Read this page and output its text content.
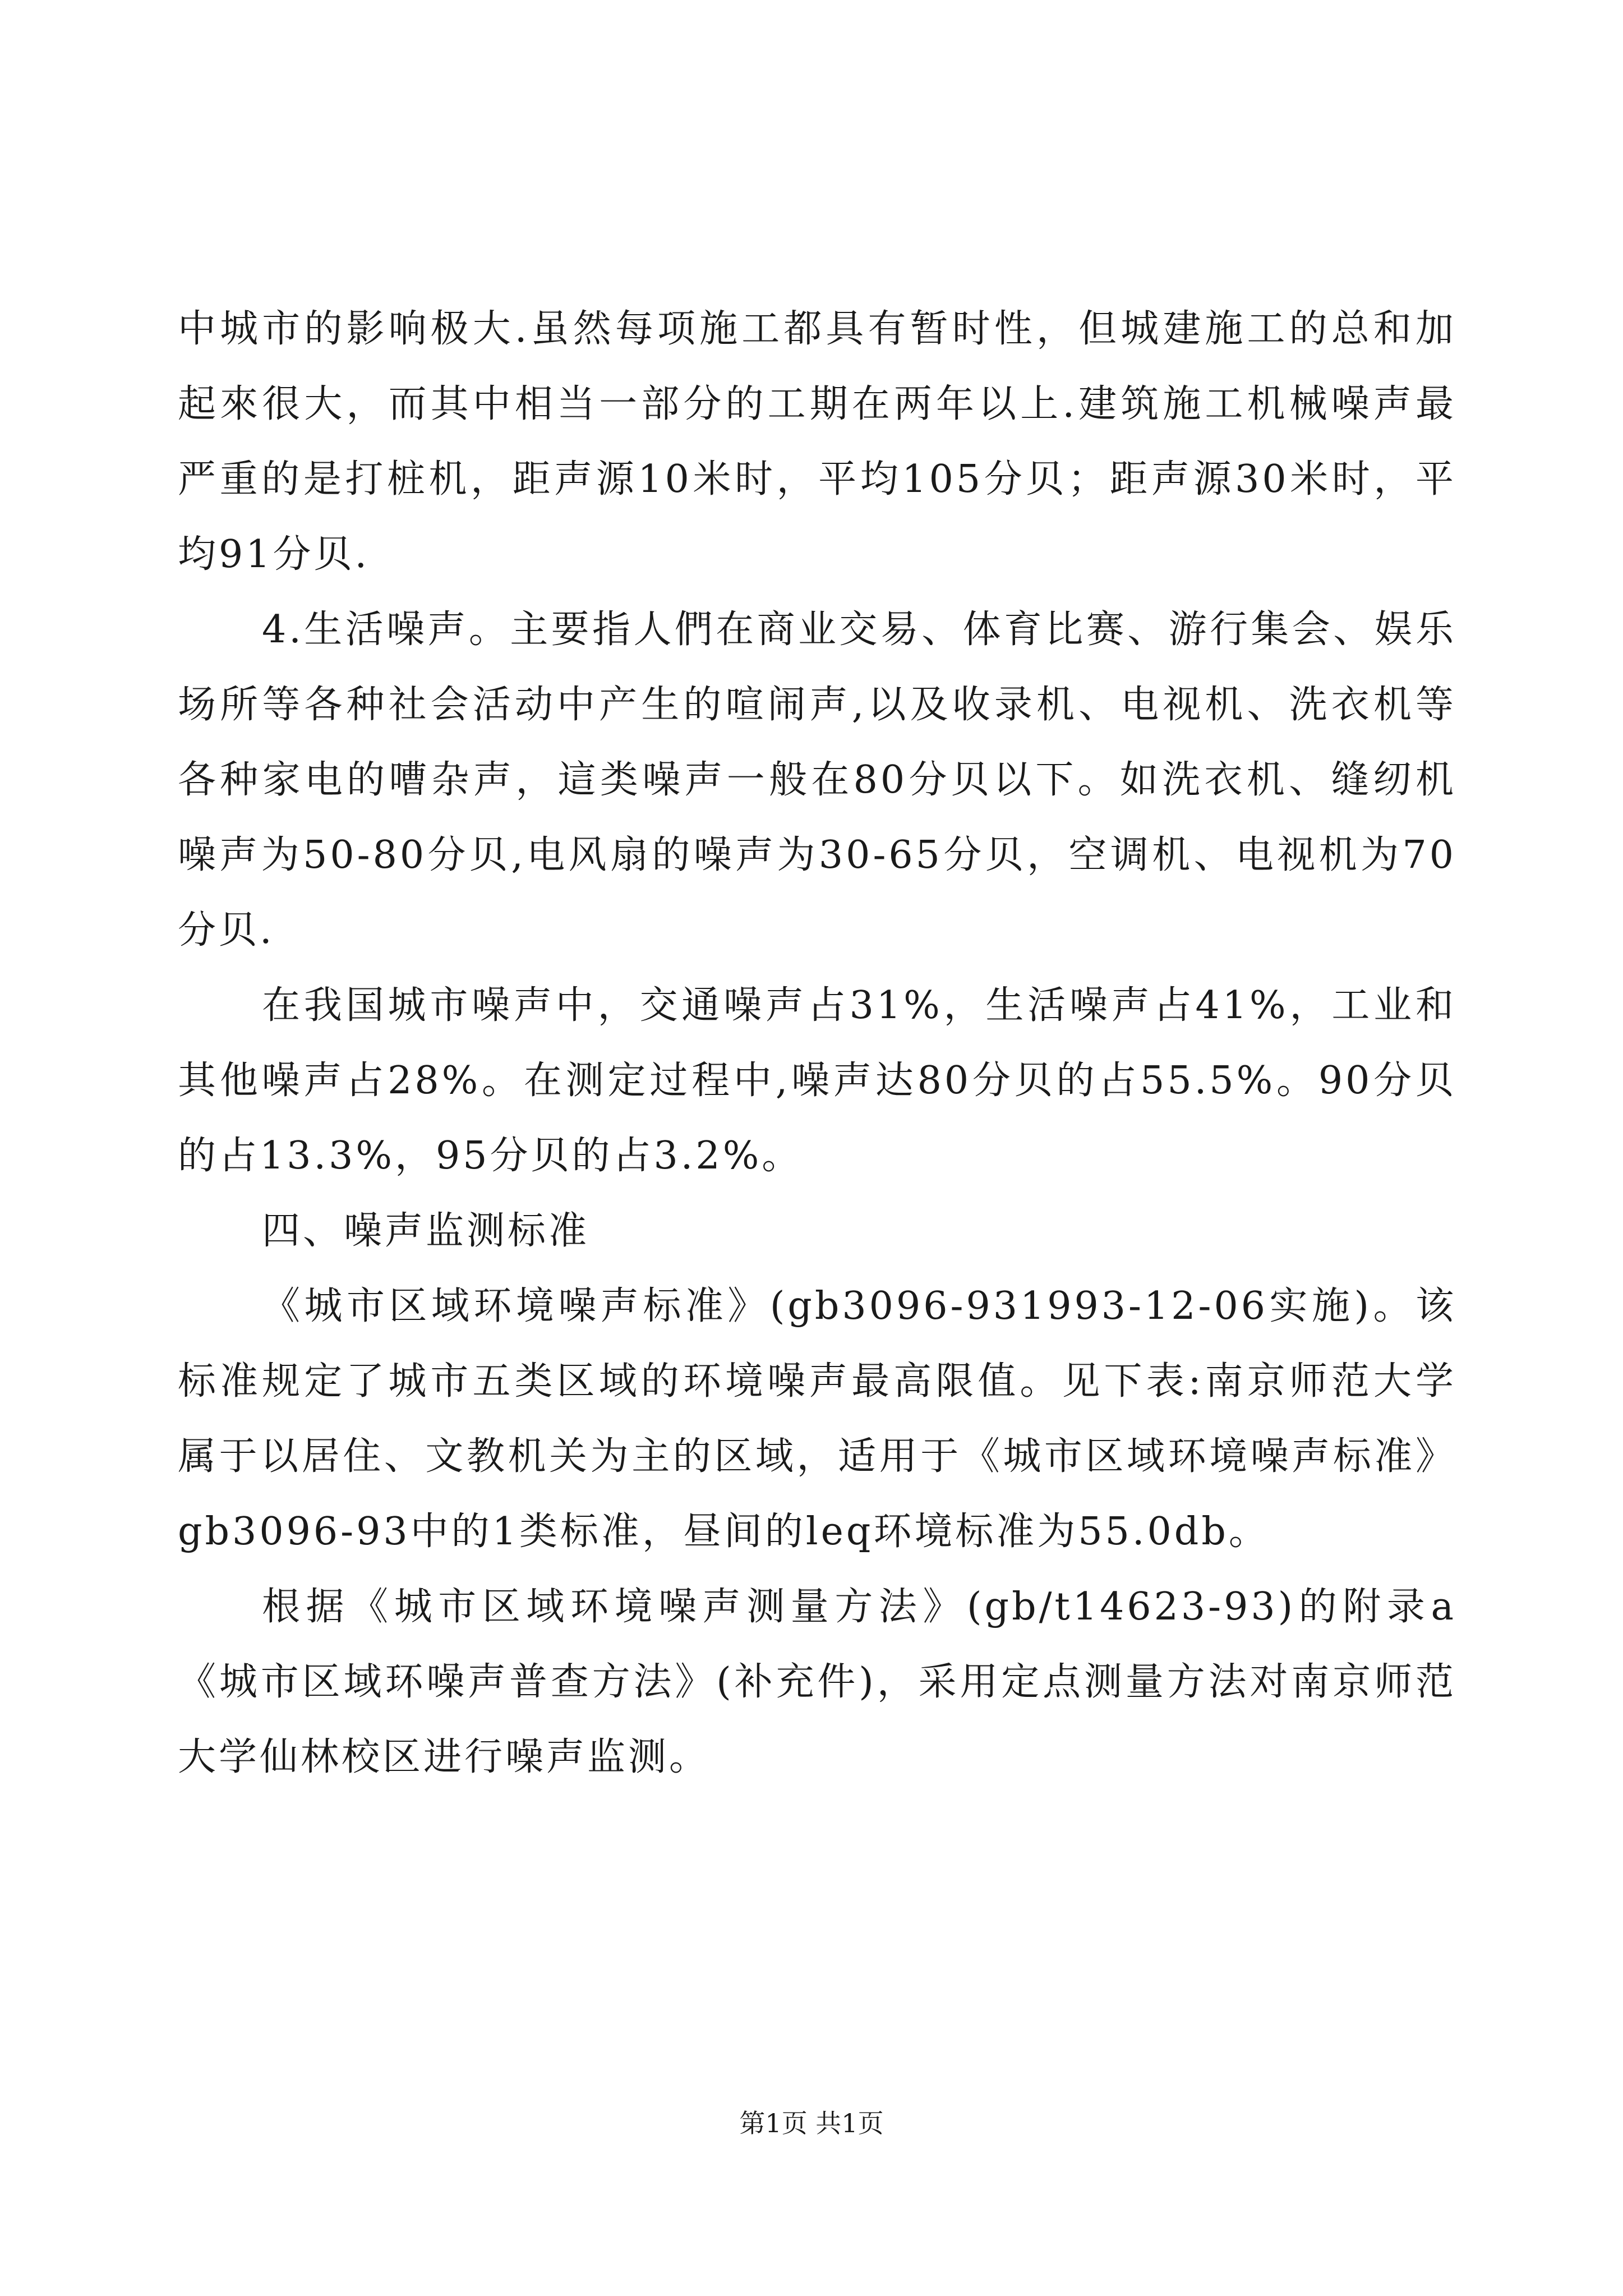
中城市的影响极大.虽然每项施工都具有暂时性，但城建施工的总和加起來很大，而其中相当一部分的工期在两年以上.建筑施工机械噪声最严重的是打桩机，距声源10米时，平均105分贝；距声源30米时，平均91分贝.

4.生活噪声。主要指人們在商业交易、体育比赛、游行集会、娱乐场所等各种社会活动中产生的喧闹声,以及收录机、电视机、洗衣机等各种家电的嘈杂声，這类噪声一般在80分贝以下。如洗衣机、缝纫机噪声为50-80分贝,电风扇的噪声为30-65分贝，空调机、电视机为70分贝.

在我国城市噪声中，交通噪声占31%，生活噪声占41%，工业和其他噪声占28%。在测定过程中,噪声达80分贝的占55.5%。90分贝的占13.3%，95分贝的占3.2%。

四、噪声监测标准

《城市区域环境噪声标准》(gb3096-931993-12-06实施)。该标准规定了城市五类区域的环境噪声最高限值。见下表:南京师范大学属于以居住、文教机关为主的区域，适用于《城市区域环境噪声标准》gb3096-93中的1类标准，昼间的leq环境标准为55.0db。

根据《城市区域环境噪声测量方法》(gb/t14623-93)的附录a《城市区域环噪声普查方法》(补充件)，采用定点测量方法对南京师范大学仙林校区进行噪声监测。

第1页 共1页
